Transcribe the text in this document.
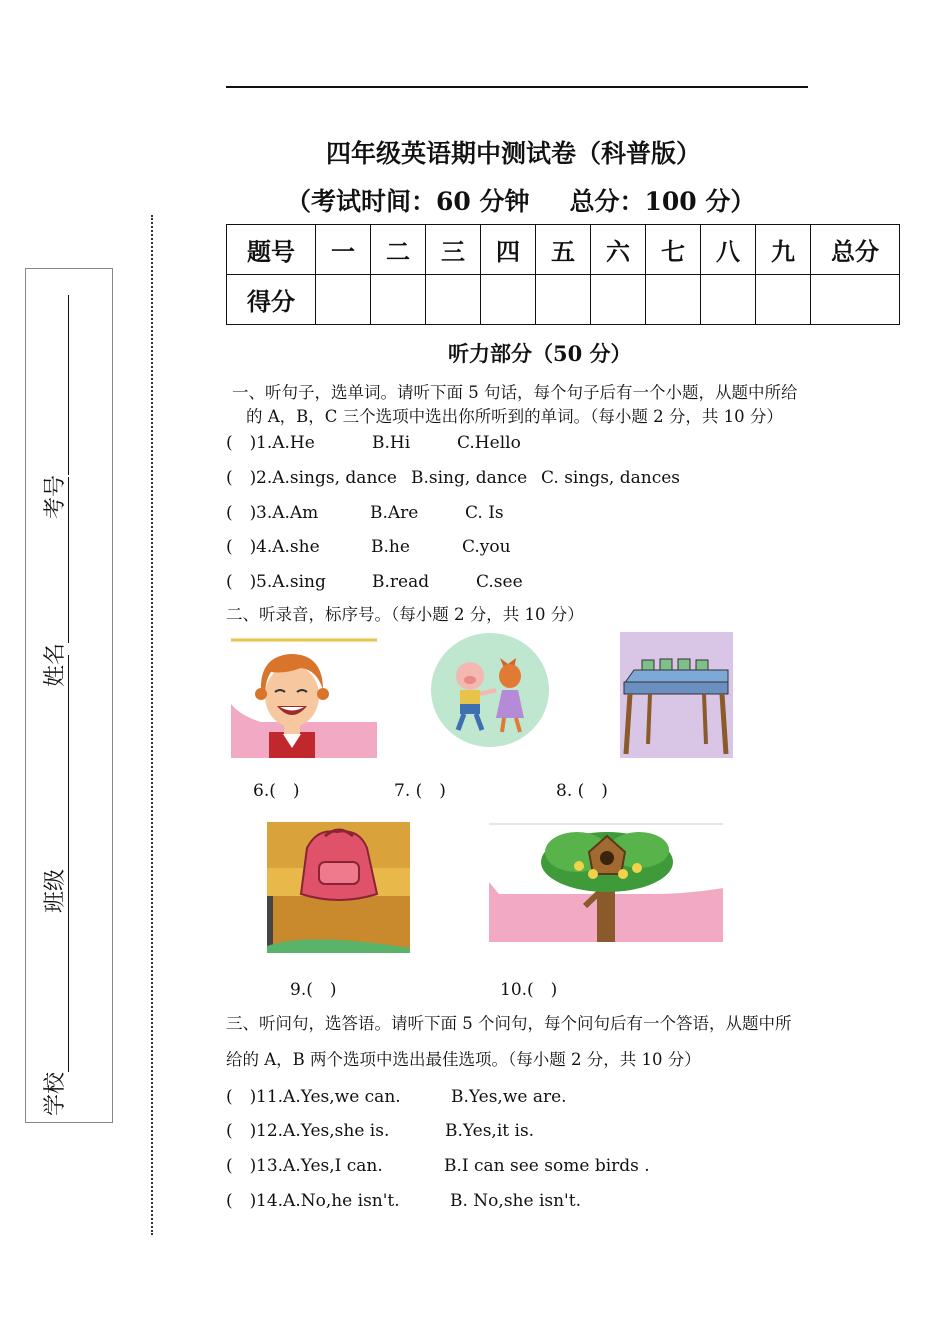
四年级英语期中测试卷（科普版）
（考试时间：60 分钟 总分：100 分）
题号	一	二	三	四	五	六	七	八	九	总分
得分										
听力部分（50 分）
一、听句子，选单词。请听下面 5 句话，每个句子后有一个小题，从题中所给
的 A，B，C 三个选项中选出你所听到的单词。（每小题 2 分，共 10 分）
(　)1.A.He	B.Hi	C.Hello
(　)2.A.sings, dance B.sing, dance C. sings, dances
(　)3.A.Am	B.Are	C. Is
(　)4.A.she	B.he	C.you
(　)5.A.sing	B.read	C.see
二、听录音，标序号。（每小题 2 分，共 10 分）
6.(　)	7. (　)	8. (　)
9.(　)	10.(　)
三、听问句，选答语。请听下面 5 个问句，每个问句后有一个答语，从题中所
给的 A，B 两个选项中选出最佳选项。（每小题 2 分，共 10 分）
(　)11.A.Yes,we can.	B.Yes,we are.
(　)12.A.Yes,she is.	B.Yes,it is.
(　)13.A.Yes,I can.	B.I can see some birds .
(　)14.A.No,he isn't.	B. No,she isn't.
学校
班级
姓名
考号
